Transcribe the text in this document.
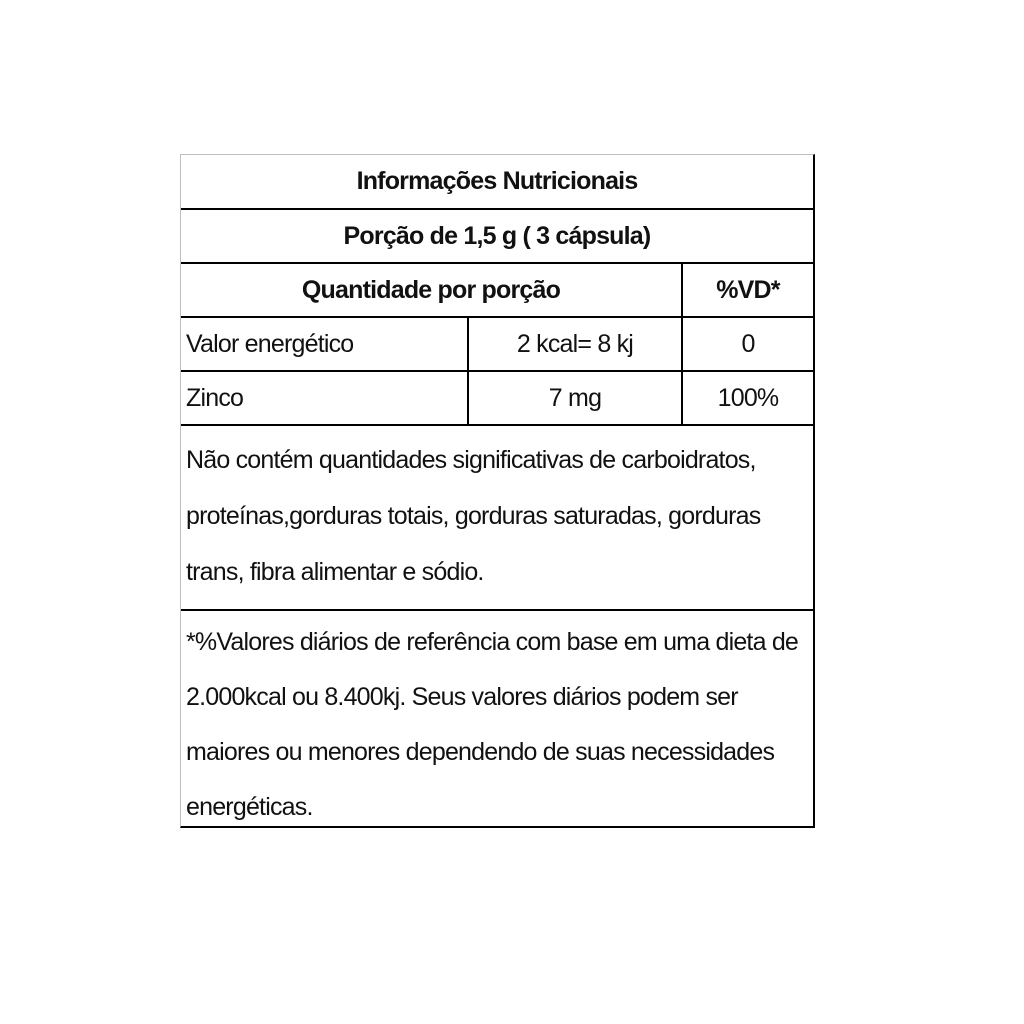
Informações Nutricionais
Porção de 1,5 g ( 3 cápsula)
Quantidade por porção	%VD*
Valor energético	2 kcal= 8 kj	0
Zinco	7 mg	100%
Não contém quantidades significativas de carboidratos, proteínas,gorduras totais, gorduras saturadas, gorduras trans, fibra alimentar e sódio.
*%Valores diários de referência com base em uma dieta de 2.000kcal ou 8.400kj. Seus valores diários podem ser maiores ou menores dependendo de suas necessidades energéticas.
